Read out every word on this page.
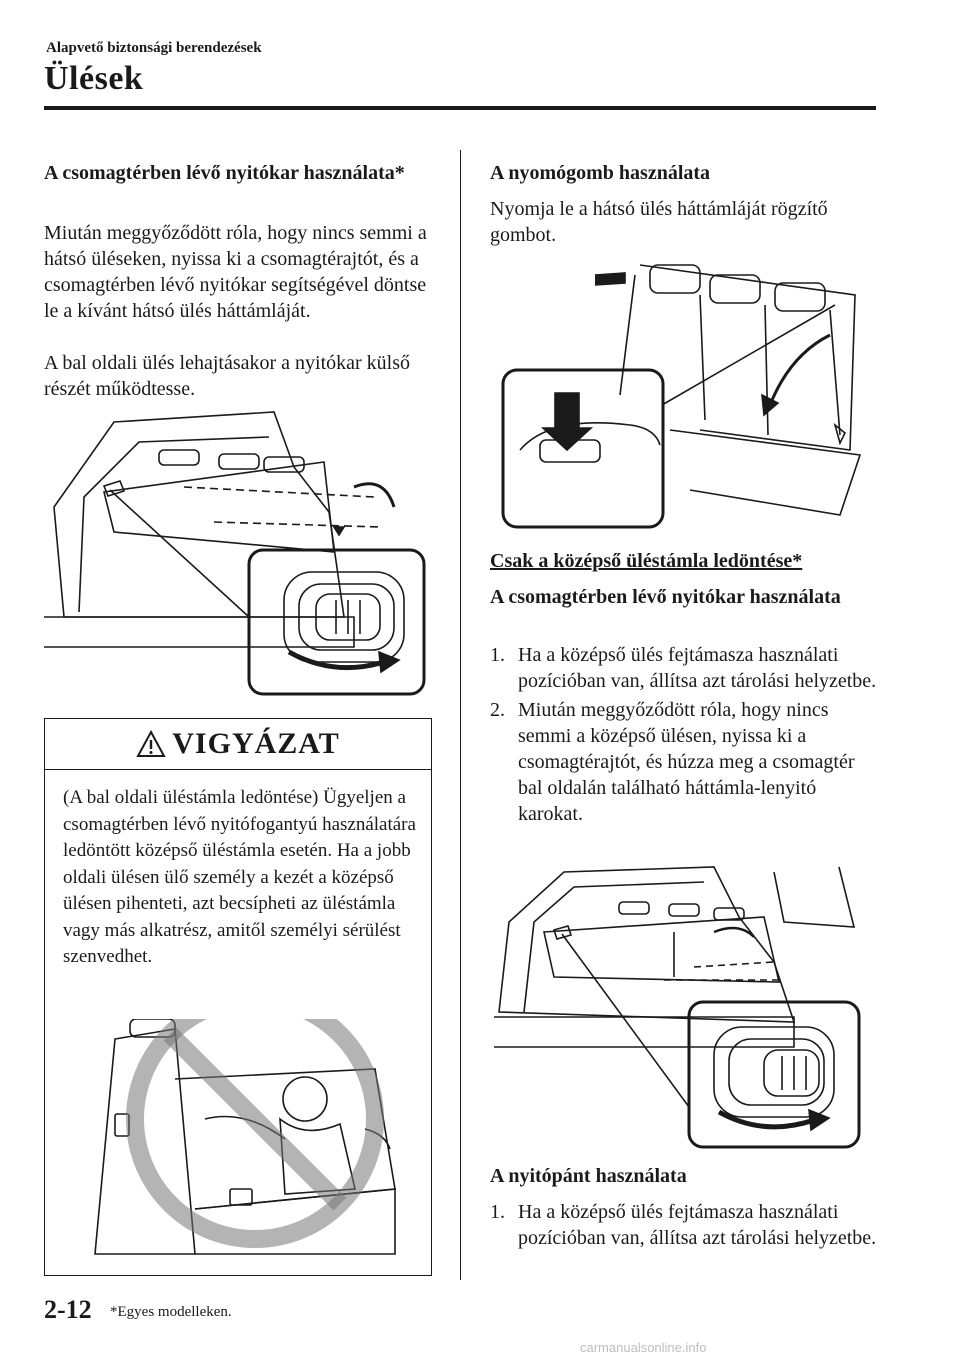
Alapvető biztonsági berendezések
Ülések
A csomagtérben lévő nyitókar használata*

Miután meggyőződött róla, hogy nincs semmi a hátsó üléseken, nyissa ki a csomagtérajtót, és a csomagtérben lévő nyitókar segítségével döntse le a kívánt hátsó ülés háttámláját.

A bal oldali ülés lehajtásakor a nyitókar külső részét működtesse.

VIGYÁZAT
(A bal oldali üléstámla ledöntése) Ügyeljen a csomagtérben lévő nyitófogantyú használatára ledöntött középső üléstámla esetén. Ha a jobb oldali ülésen ülő személy a kezét a középső ülésen pihenteti, azt becsípheti az üléstámla vagy más alkatrész, amitől személyi sérülést szenvedhet.
A nyomógomb használata

Nyomja le a hátsó ülés háttámláját rögzítő gombot.

Csak a középső üléstámla ledöntése*
A csomagtérben lévő nyitókar használata
1. Ha a középső ülés fejtámasza használati pozícióban van, állítsa azt tárolási helyzetbe.
2. Miután meggyőződött róla, hogy nincs semmi a középső ülésen, nyissa ki a csomagtérajtót, és húzza meg a csomagtér bal oldalán található háttámla-lenyitó karokat.
A nyitópánt használata
1. Ha a középső ülés fejtámasza használati pozícióban van, állítsa azt tárolási helyzetbe.
2-12 *Egyes modelleken.
carmanualsonline.info
